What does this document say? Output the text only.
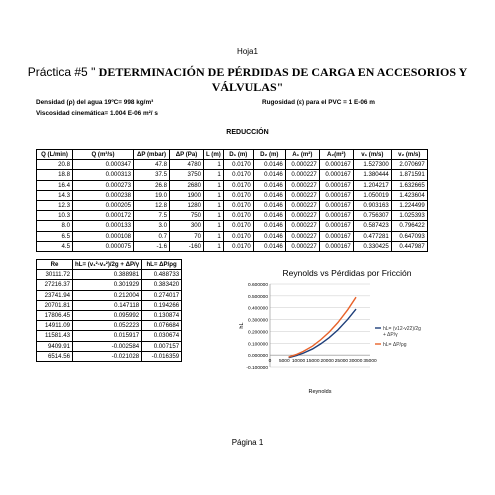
Hoja1
Práctica #5 " DETERMINACIÓN DE PÉRDIDAS DE CARGA EN ACCESORIOS Y VÁLVULAS"
Densidad (ρ) del agua 19ºC= 998 kg/m³	Rugosidad (ε) para el PVC = 1 E-06 m
Viscosidad cinemática= 1.004 E-06 m²/ s
REDUCCIÓN
Q (L/min)	Q (m³/s)	ΔP (mbar)	ΔP (Pa)	L (m)	D₁ (m)	D₂ (m)	A₁ (m²)	A₂(m²)	v₁ (m/s)	v₂ (m/s)
20.8	0.000347	47.8	4780	1	0.0170	0.0146	0.000227	0.000167	1.527300	2.070697
18.8	0.000313	37.5	3750	1	0.0170	0.0146	0.000227	0.000167	1.380444	1.871591
16.4	0.000273	26.8	2680	1	0.0170	0.0146	0.000227	0.000167	1.204217	1.632665
14.3	0.000238	19.0	1900	1	0.0170	0.0146	0.000227	0.000167	1.050019	1.423604
12.3	0.000205	12.8	1280	1	0.0170	0.0146	0.000227	0.000167	0.903163	1.224499
10.3	0.000172	7.5	750	1	0.0170	0.0146	0.000227	0.000167	0.756307	1.025393
8.0	0.000133	3.0	300	1	0.0170	0.0146	0.000227	0.000167	0.587423	0.796422
6.5	0.000108	0.7	70	1	0.0170	0.0146	0.000227	0.000167	0.477281	0.647093
4.5	0.000075	-1.6	-160	1	0.0170	0.0146	0.000227	0.000167	0.330425	0.447987
Re	hL= (v₁²-v₂²)/2g + ΔP/γ	hL= ΔP/ρg
30111.72	0.388981	0.488733
27216.37	0.301929	0.383420
23741.94	0.212004	0.274017
20701.81	0.147118	0.194266
17806.45	0.095992	0.130874
14911.09	0.052223	0.076684
11581.43	0.015917	0.030674
9409.91	-0.002584	0.007157
6514.56	-0.021028	-0.016359
Reynolds vs Pérdidas por Fricción
-0.100000
0.000000
0.100000
0.200000
0.300000
0.400000
0.500000
0.600000
0 5000 10000 15000 20000 25000 30000 35000
Reynolds
hL
hL= (v12-v22)/2g
+ ΔP/γ
hL= ΔP/ρg
Página 1
